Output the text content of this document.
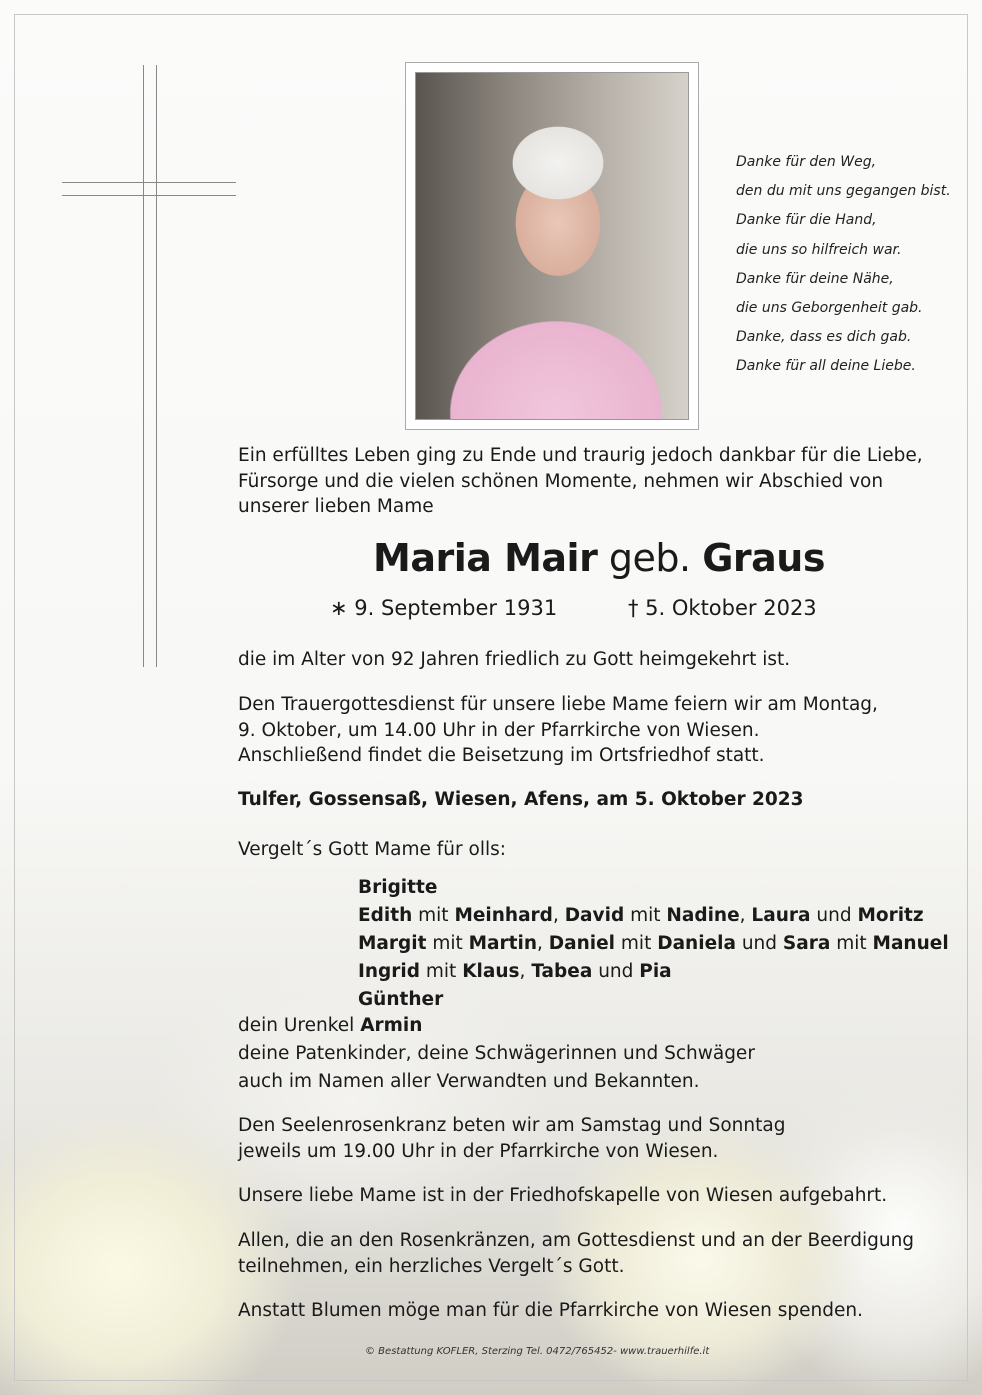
Danke für den Weg,
den du mit uns gegangen bist.
Danke für die Hand,
die uns so hilfreich war.
Danke für deine Nähe,
die uns Geborgenheit gab.
Danke, dass es dich gab.
Danke für all deine Liebe.
Ein erfülltes Leben ging zu Ende und traurig jedoch dankbar für die Liebe,
Fürsorge und die vielen schönen Momente, nehmen wir Abschied von
unserer lieben Mame
Maria Mair geb. Graus
∗ 9. September 1931	† 5. Oktober 2023
die im Alter von 92 Jahren friedlich zu Gott heimgekehrt ist.
Den Trauergottesdienst für unsere liebe Mame feiern wir am Montag,
9. Oktober, um 14.00 Uhr in der Pfarrkirche von Wiesen.
Anschließend findet die Beisetzung im Ortsfriedhof statt.
Tulfer, Gossensaß, Wiesen, Afens, am 5. Oktober 2023
Vergelt´s Gott Mame für olls:
Brigitte
Edith mit Meinhard, David mit Nadine, Laura und Moritz
Margit mit Martin, Daniel mit Daniela und Sara mit Manuel
Ingrid mit Klaus, Tabea und Pia
Günther
dein Urenkel Armin
deine Patenkinder, deine Schwägerinnen und Schwäger
auch im Namen aller Verwandten und Bekannten.
Den Seelenrosenkranz beten wir am Samstag und Sonntag
jeweils um 19.00 Uhr in der Pfarrkirche von Wiesen.
Unsere liebe Mame ist in der Friedhofskapelle von Wiesen aufgebahrt.
Allen, die an den Rosenkränzen, am Gottesdienst und an der Beerdigung
teilnehmen, ein herzliches Vergelt´s Gott.
Anstatt Blumen möge man für die Pfarrkirche von Wiesen spenden.
© Bestattung KOFLER, Sterzing Tel. 0472/765452- www.trauerhilfe.it
